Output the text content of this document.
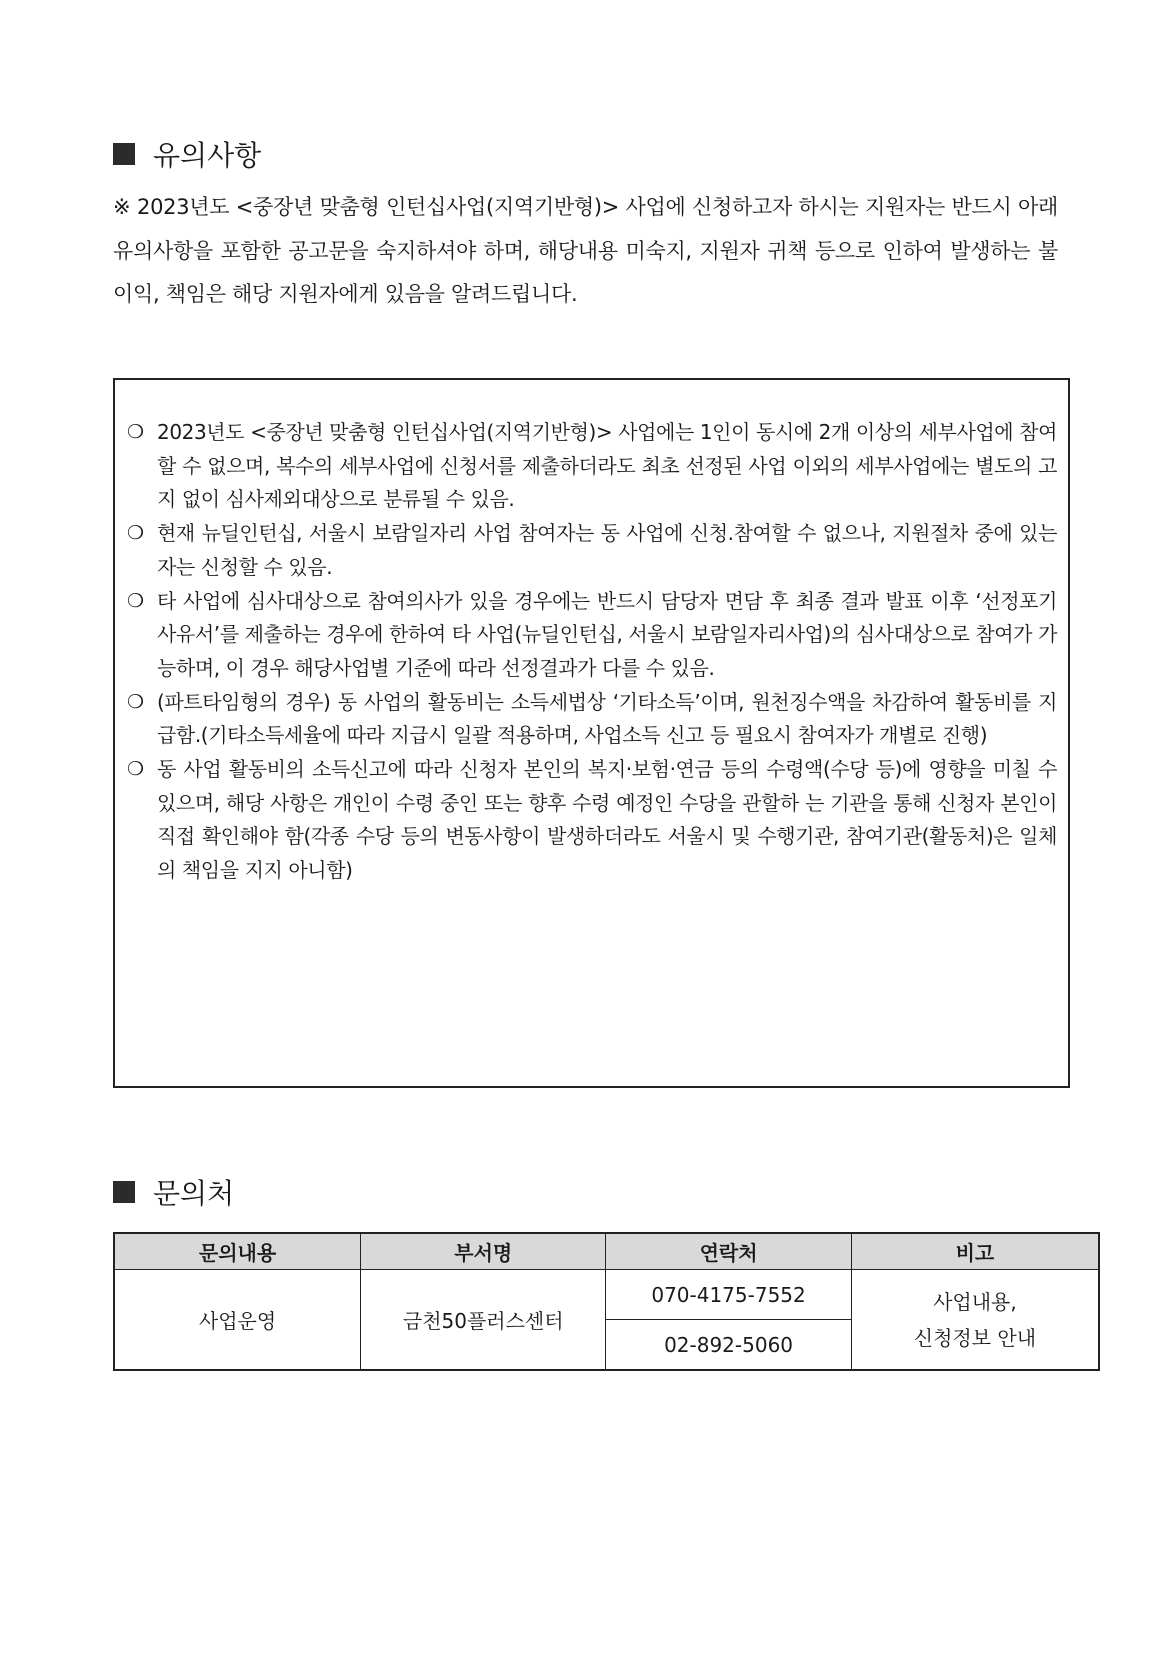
유의사항
※ 2023년도 <중장년 맞춤형 인턴십사업(지역기반형)> 사업에 신청하고자 하시는 지원자는 반드시 아래 유의사항을 포함한 공고문을 숙지하셔야 하며, 해당내용 미숙지, 지원자 귀책 등으로 인하여 발생하는 불이익, 책임은 해당 지원자에게 있음을 알려드립니다.
❍ 2023년도 <중장년 맞춤형 인턴십사업(지역기반형)> 사업에는 1인이 동시에 2개 이상의 세부사업에 참여할 수 없으며, 복수의 세부사업에 신청서를 제출하더라도 최초 선정된 사업 이외의 세부사업에는 별도의 고지 없이 심사제외대상으로 분류될 수 있음.
❍ 현재 뉴딜인턴십, 서울시 보람일자리 사업 참여자는 동 사업에 신청.참여할 수 없으나, 지원절차 중에 있는 자는 신청할 수 있음.
❍ 타 사업에 심사대상으로 참여의사가 있을 경우에는 반드시 담당자 면담 후 최종 결과 발표 이후 ‘선정포기 사유서’를 제출하는 경우에 한하여 타 사업(뉴딜인턴십, 서울시 보람일자리사업)의 심사대상으로 참여가 가능하며, 이 경우 해당사업별 기준에 따라 선정결과가 다를 수 있음.
❍ (파트타임형의 경우) 동 사업의 활동비는 소득세법상 ‘기타소득’이며, 원천징수액을 차감하여 활동비를 지급함.(기타소득세율에 따라 지급시 일괄 적용하며, 사업소득 신고 등 필요시 참여자가 개별로 진행)
❍ 동 사업 활동비의 소득신고에 따라 신청자 본인의 복지·보험·연금 등의 수령액(수당 등)에 영향을 미칠 수 있으며, 해당 사항은 개인이 수령 중인 또는 향후 수령 예정인 수당을 관할하 는 기관을 통해 신청자 본인이 직접 확인해야 함(각종 수당 등의 변동사항이 발생하더라도 서울시 및 수행기관, 참여기관(활동처)은 일체의 책임을 지지 아니함)
문의처
문의내용	부서명	연락처	비고
사업운영	금천50플러스센터	070-4175-7552	사업내용,
신청정보 안내

		02-892-5060	
